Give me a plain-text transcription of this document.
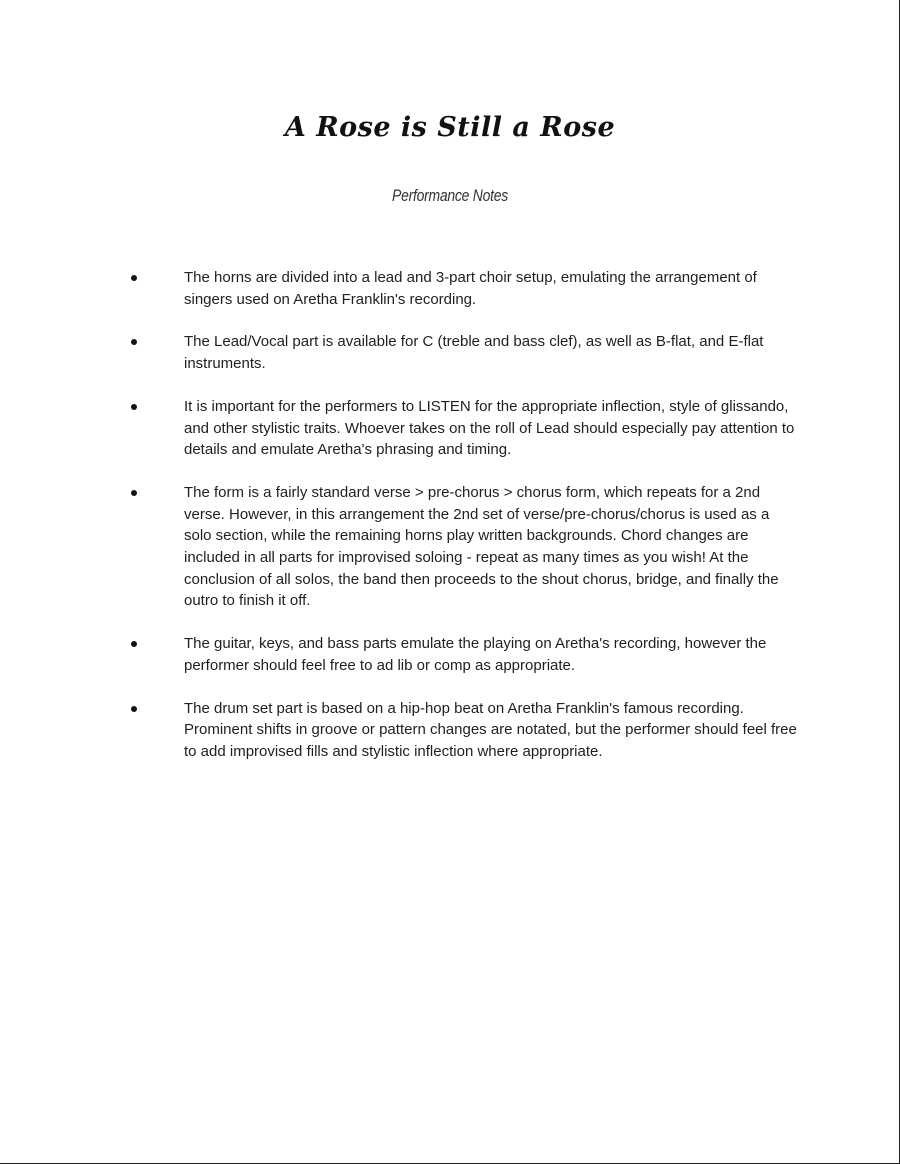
A Rose is Still a Rose
Performance Notes
The horns are divided into a lead and 3-part choir setup, emulating the arrangement of singers used on Aretha Franklin's recording.
The Lead/Vocal part is available for C (treble and bass clef), as well as B-flat, and E-flat instruments.
It is important for the performers to LISTEN for the appropriate inflection, style of glissando, and other stylistic traits. Whoever takes on the roll of Lead should especially pay attention to details and emulate Aretha's phrasing and timing.
The form is a fairly standard verse > pre-chorus > chorus form, which repeats for a 2nd verse. However, in this arrangement the 2nd set of verse/pre-chorus/chorus is used as a solo section, while the remaining horns play written backgrounds. Chord changes are included in all parts for improvised soloing - repeat as many times as you wish! At the conclusion of all solos, the band then proceeds to the shout chorus, bridge, and finally the outro to finish it off.
The guitar, keys, and bass parts emulate the playing on Aretha's recording, however the performer should feel free to ad lib or comp as appropriate.
The drum set part is based on a hip-hop beat on Aretha Franklin's famous recording. Prominent shifts in groove or pattern changes are notated, but the performer should feel free to add improvised fills and stylistic inflection where appropriate.
